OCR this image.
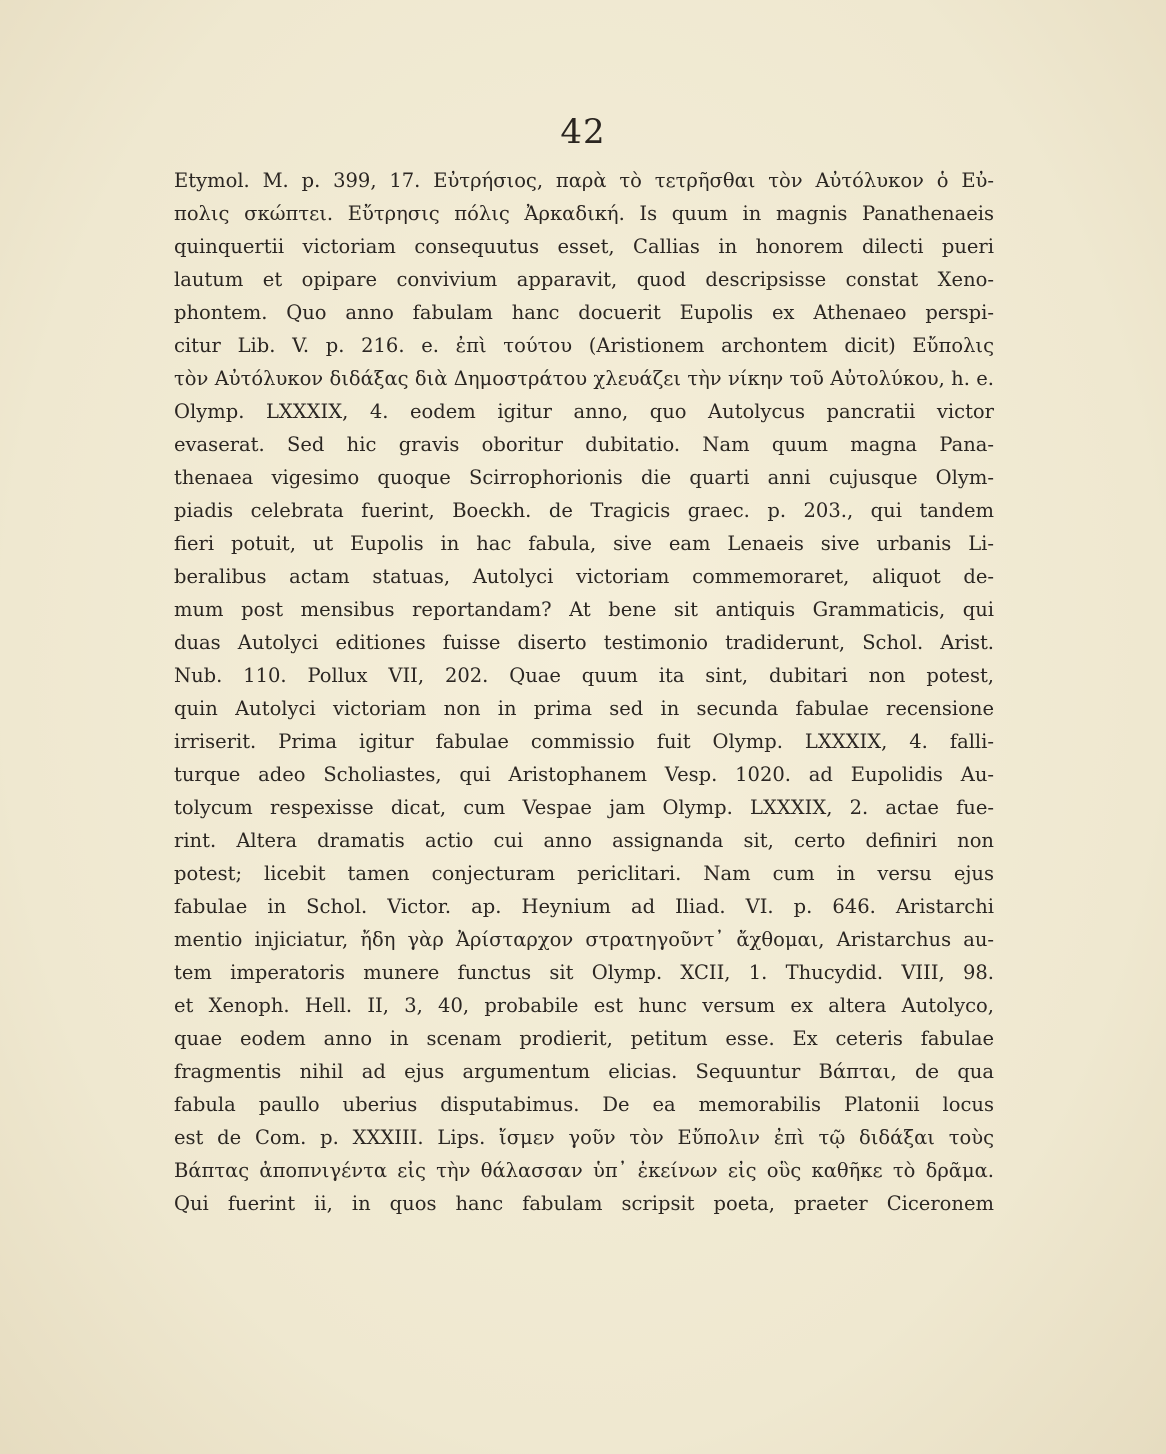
42
Etymol. M. p. 399, 17. Εὐτρήσιος, παρὰ τὸ τετρῆσθαι τὸν Αὐτόλυκον ὁ Εὐ-
πολις σκώπτει. Εὔτρησις πόλις Ἀρκαδική. Is quum in magnis Panathenaeis
quinquertii victoriam consequutus esset, Callias in honorem dilecti pueri
lautum et opipare convivium apparavit, quod descripsisse constat Xeno-
phontem. Quo anno fabulam hanc docuerit Eupolis ex Athenaeo perspi-
citur Lib. V. p. 216. e. ἐπὶ τούτου (Aristionem archontem dicit) Εὔπολις
τὸν Αὐτόλυκον διδάξας διὰ Δημοστράτου χλευάζει τὴν νίκην τοῦ Αὐτολύκου, h. e.
Olymp. LXXXIX, 4. eodem igitur anno, quo Autolycus pancratii victor
evaserat. Sed hic gravis oboritur dubitatio. Nam quum magna Pana-
thenaea vigesimo quoque Scirrophorionis die quarti anni cujusque Olym-
piadis celebrata fuerint, Boeckh. de Tragicis graec. p. 203., qui tandem
fieri potuit, ut Eupolis in hac fabula, sive eam Lenaeis sive urbanis Li-
beralibus actam statuas, Autolyci victoriam commemoraret, aliquot de-
mum post mensibus reportandam? At bene sit antiquis Grammaticis, qui
duas Autolyci editiones fuisse diserto testimonio tradiderunt, Schol. Arist.
Nub. 110. Pollux VII, 202. Quae quum ita sint, dubitari non potest,
quin Autolyci victoriam non in prima sed in secunda fabulae recensione
irriserit. Prima igitur fabulae commissio fuit Olymp. LXXXIX, 4. falli-
turque adeo Scholiastes, qui Aristophanem Vesp. 1020. ad Eupolidis Au-
tolycum respexisse dicat, cum Vespae jam Olymp. LXXXIX, 2. actae fue-
rint. Altera dramatis actio cui anno assignanda sit, certo definiri non
potest; licebit tamen conjecturam periclitari. Nam cum in versu ejus
fabulae in Schol. Victor. ap. Heynium ad Iliad. VI. p. 646. Aristarchi
mentio injiciatur, ἤδη γὰρ Ἀρίσταρχον στρατηγοῦντ᾽ ἄχθομαι, Aristarchus au-
tem imperatoris munere functus sit Olymp. XCII, 1. Thucydid. VIII, 98.
et Xenoph. Hell. II, 3, 40, probabile est hunc versum ex altera Autolyco,
quae eodem anno in scenam prodierit, petitum esse. Ex ceteris fabulae
fragmentis nihil ad ejus argumentum elicias. Sequuntur Βάπται, de qua
fabula paullo uberius disputabimus. De ea memorabilis Platonii locus
est de Com. p. XXXIII. Lips. ἴσμεν γοῦν τὸν Εὔπολιν ἐπὶ τῷ διδάξαι τοὺς
Βάπτας ἀποπνιγέντα εἰς τὴν θάλασσαν ὑπ᾽ ἐκείνων εἰς οὓς καθῆκε τὸ δρᾶμα.
Qui fuerint ii, in quos hanc fabulam scripsit poeta, praeter Ciceronem
